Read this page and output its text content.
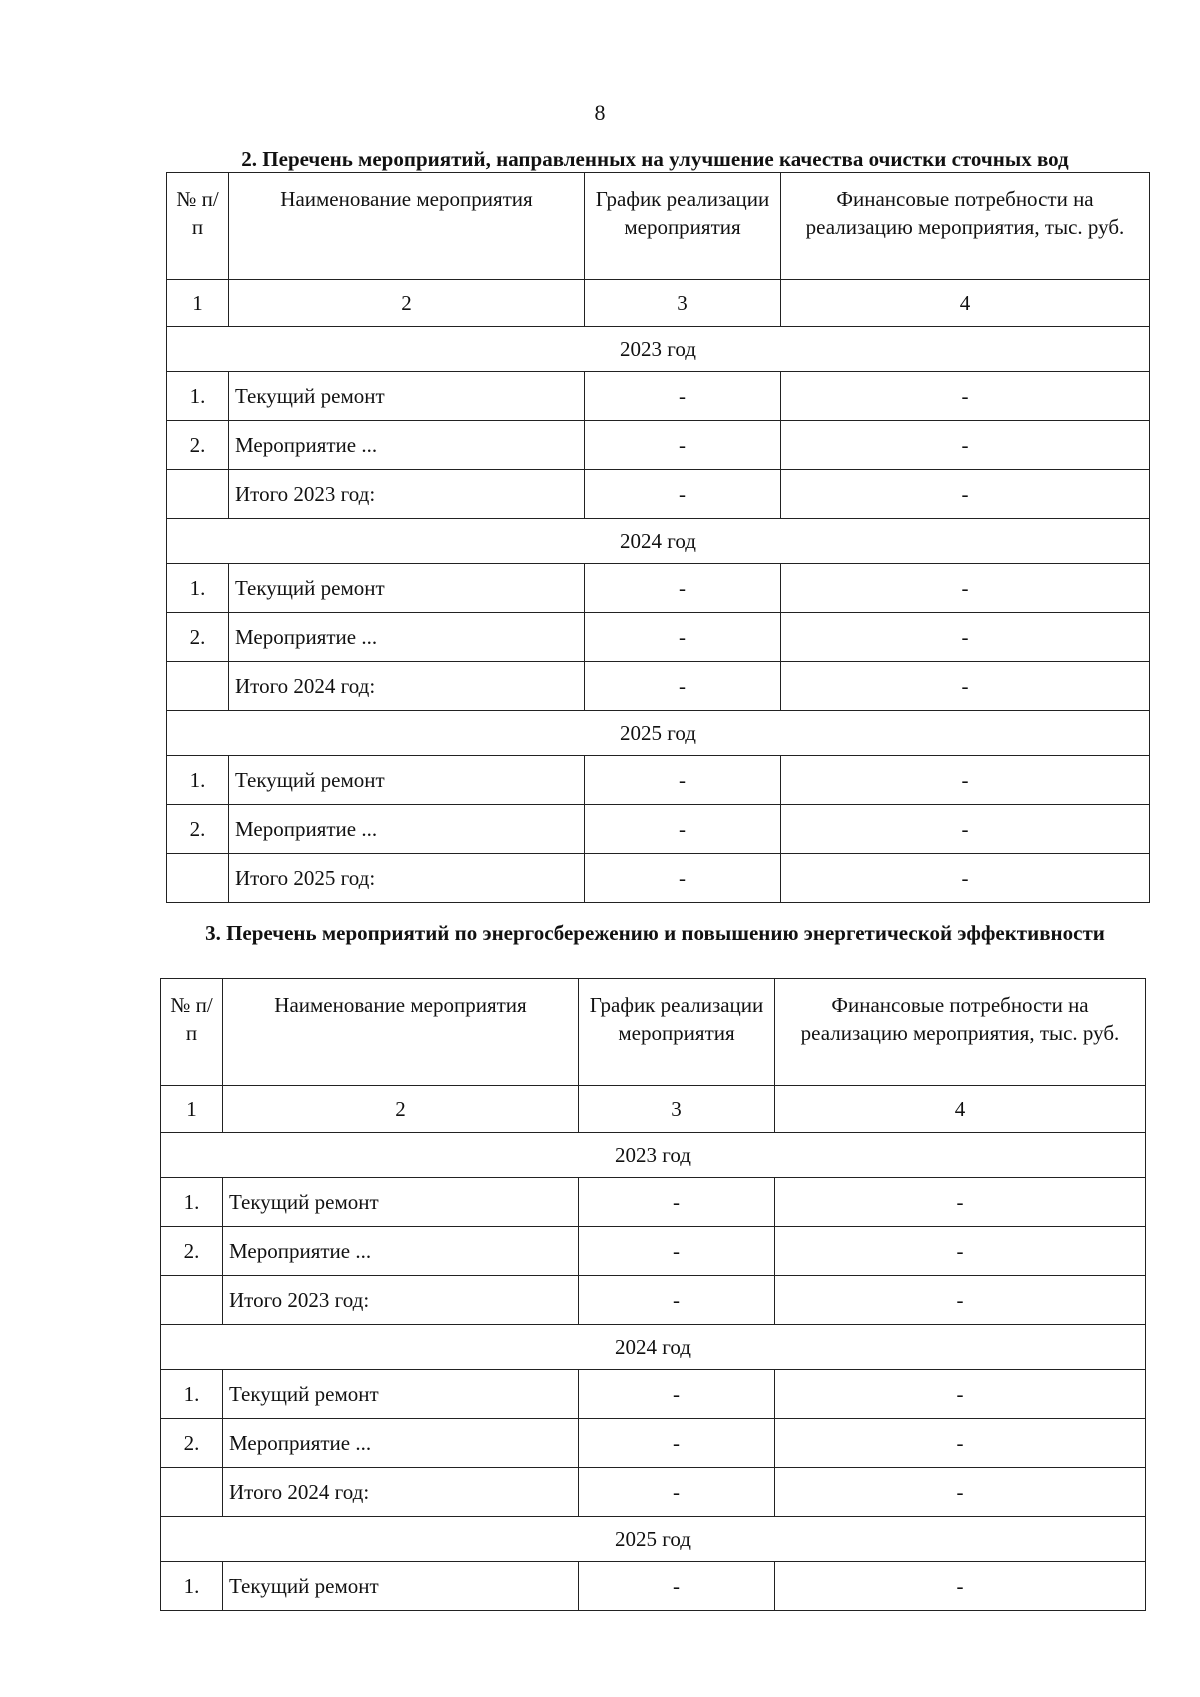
8
2. Перечень мероприятий, направленных на улучшение качества очистки сточных вод
№ п/п	Наименование мероприятия	График реализации мероприятия	Финансовые потребности на реализацию мероприятия, тыс. руб.
1	2	3	4
2023 год			
1.	Текущий ремонт	-	-
2.	Мероприятие ...	-	-
	Итого 2023 год:	-	-
2024 год			
1.	Текущий ремонт	-	-
2.	Мероприятие ...	-	-
	Итого 2024 год:	-	-
2025 год			
1.	Текущий ремонт	-	-
2.	Мероприятие ...	-	-
	Итого 2025 год:	-	-
3. Перечень мероприятий по энергосбережению и повышению энергетической эффективности
№ п/п	Наименование мероприятия	График реализации мероприятия	Финансовые потребности на реализацию мероприятия, тыс. руб.
1	2	3	4
2023 год			
1.	Текущий ремонт	-	-
2.	Мероприятие ...	-	-
	Итого 2023 год:	-	-
2024 год			
1.	Текущий ремонт	-	-
2.	Мероприятие ...	-	-
	Итого 2024 год:	-	-
2025 год			
1.	Текущий ремонт	-	-
